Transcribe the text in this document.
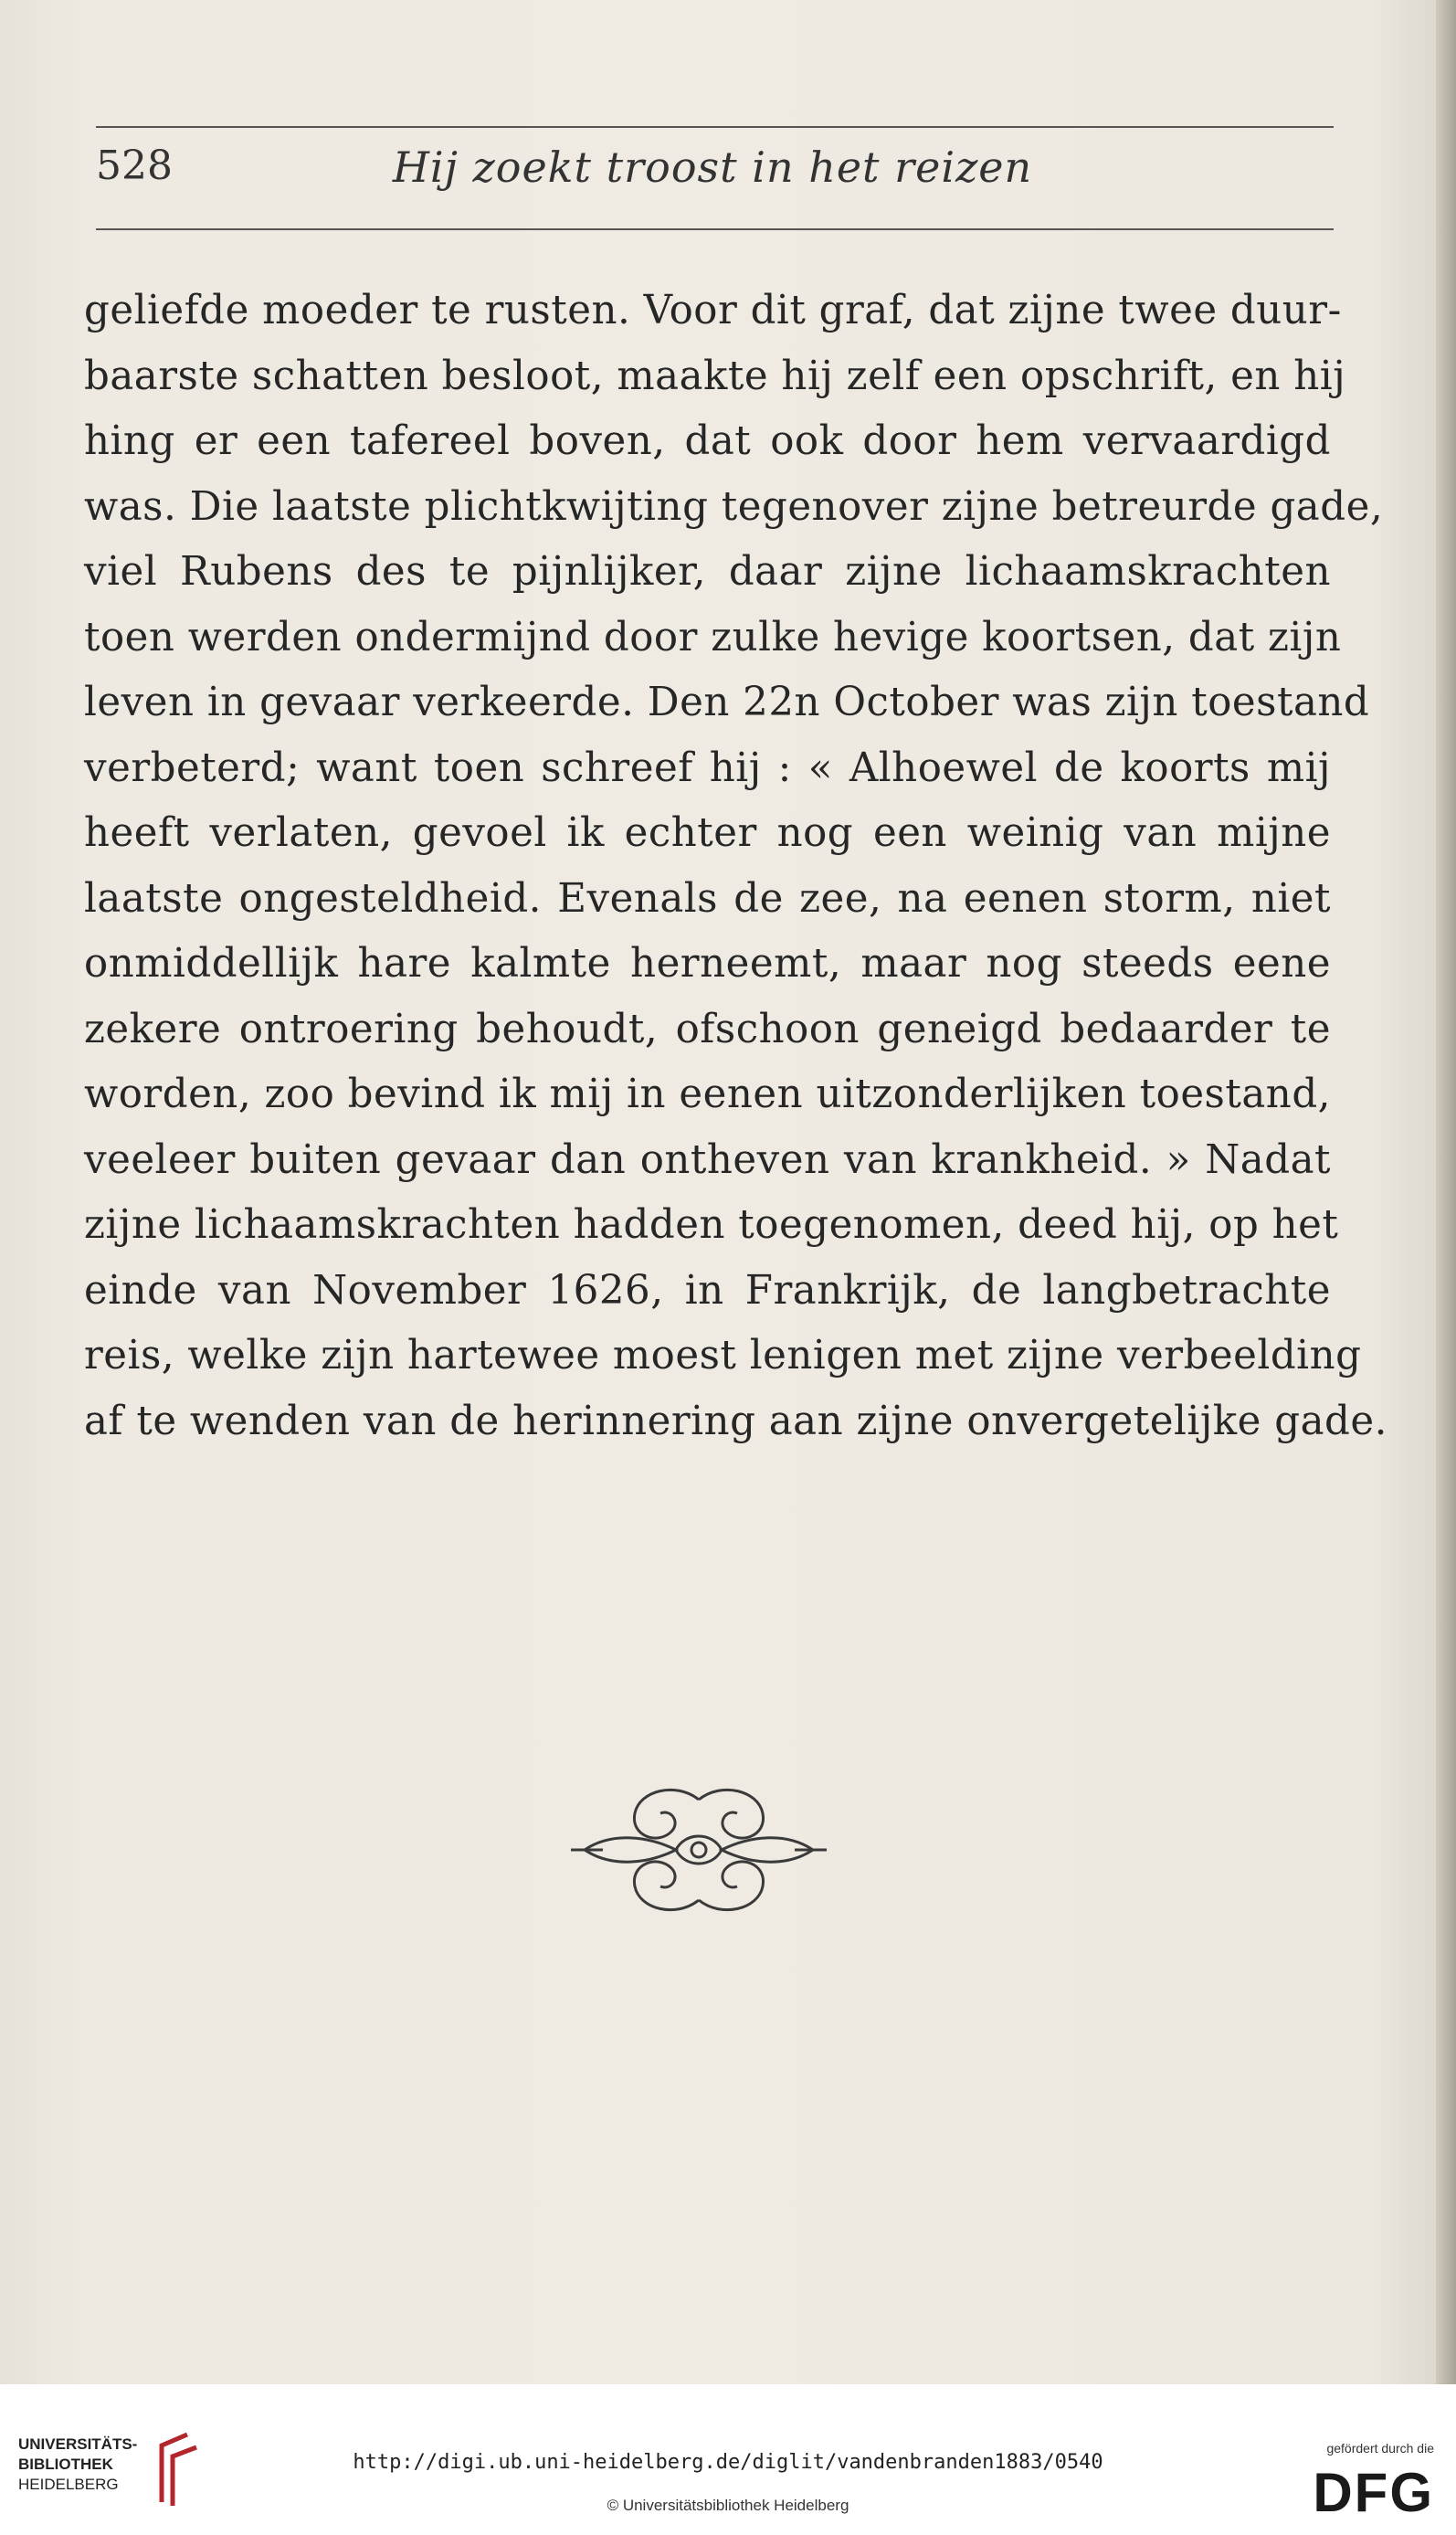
528	Hij zoekt troost in het reizen
geliefde moeder te rusten. Voor dit graf, dat zijne twee duur-
baarste schatten besloot, maakte hij zelf een opschrift, en hij
hing er een tafereel boven, dat ook door hem vervaardigd
was. Die laatste plichtkwijting tegenover zijne betreurde gade,
viel Rubens des te pijnlijker, daar zijne lichaamskrachten
toen werden ondermijnd door zulke hevige koortsen, dat zijn
leven in gevaar verkeerde. Den 22n October was zijn toestand
verbeterd; want toen schreef hij : « Alhoewel de koorts mij
heeft verlaten, gevoel ik echter nog een weinig van mijne
laatste ongesteldheid. Evenals de zee, na eenen storm, niet
onmiddellijk hare kalmte herneemt, maar nog steeds eene
zekere ontroering behoudt, ofschoon geneigd bedaarder te
worden, zoo bevind ik mij in eenen uitzonderlijken toestand,
veeleer buiten gevaar dan ontheven van krankheid. » Nadat
zijne lichaamskrachten hadden toegenomen, deed hij, op het
einde van November 1626, in Frankrijk, de langbetrachte
reis, welke zijn hartewee moest lenigen met zijne verbeelding
af te wenden van de herinnering aan zijne onvergetelijke gade.
UNIVERSITÄTS-
BIBLIOTHEK
HEIDELBERG
http://digi.ub.uni-heidelberg.de/diglit/vandenbranden1883/0540
© Universitätsbibliothek Heidelberg
gefördert durch die
DFG
